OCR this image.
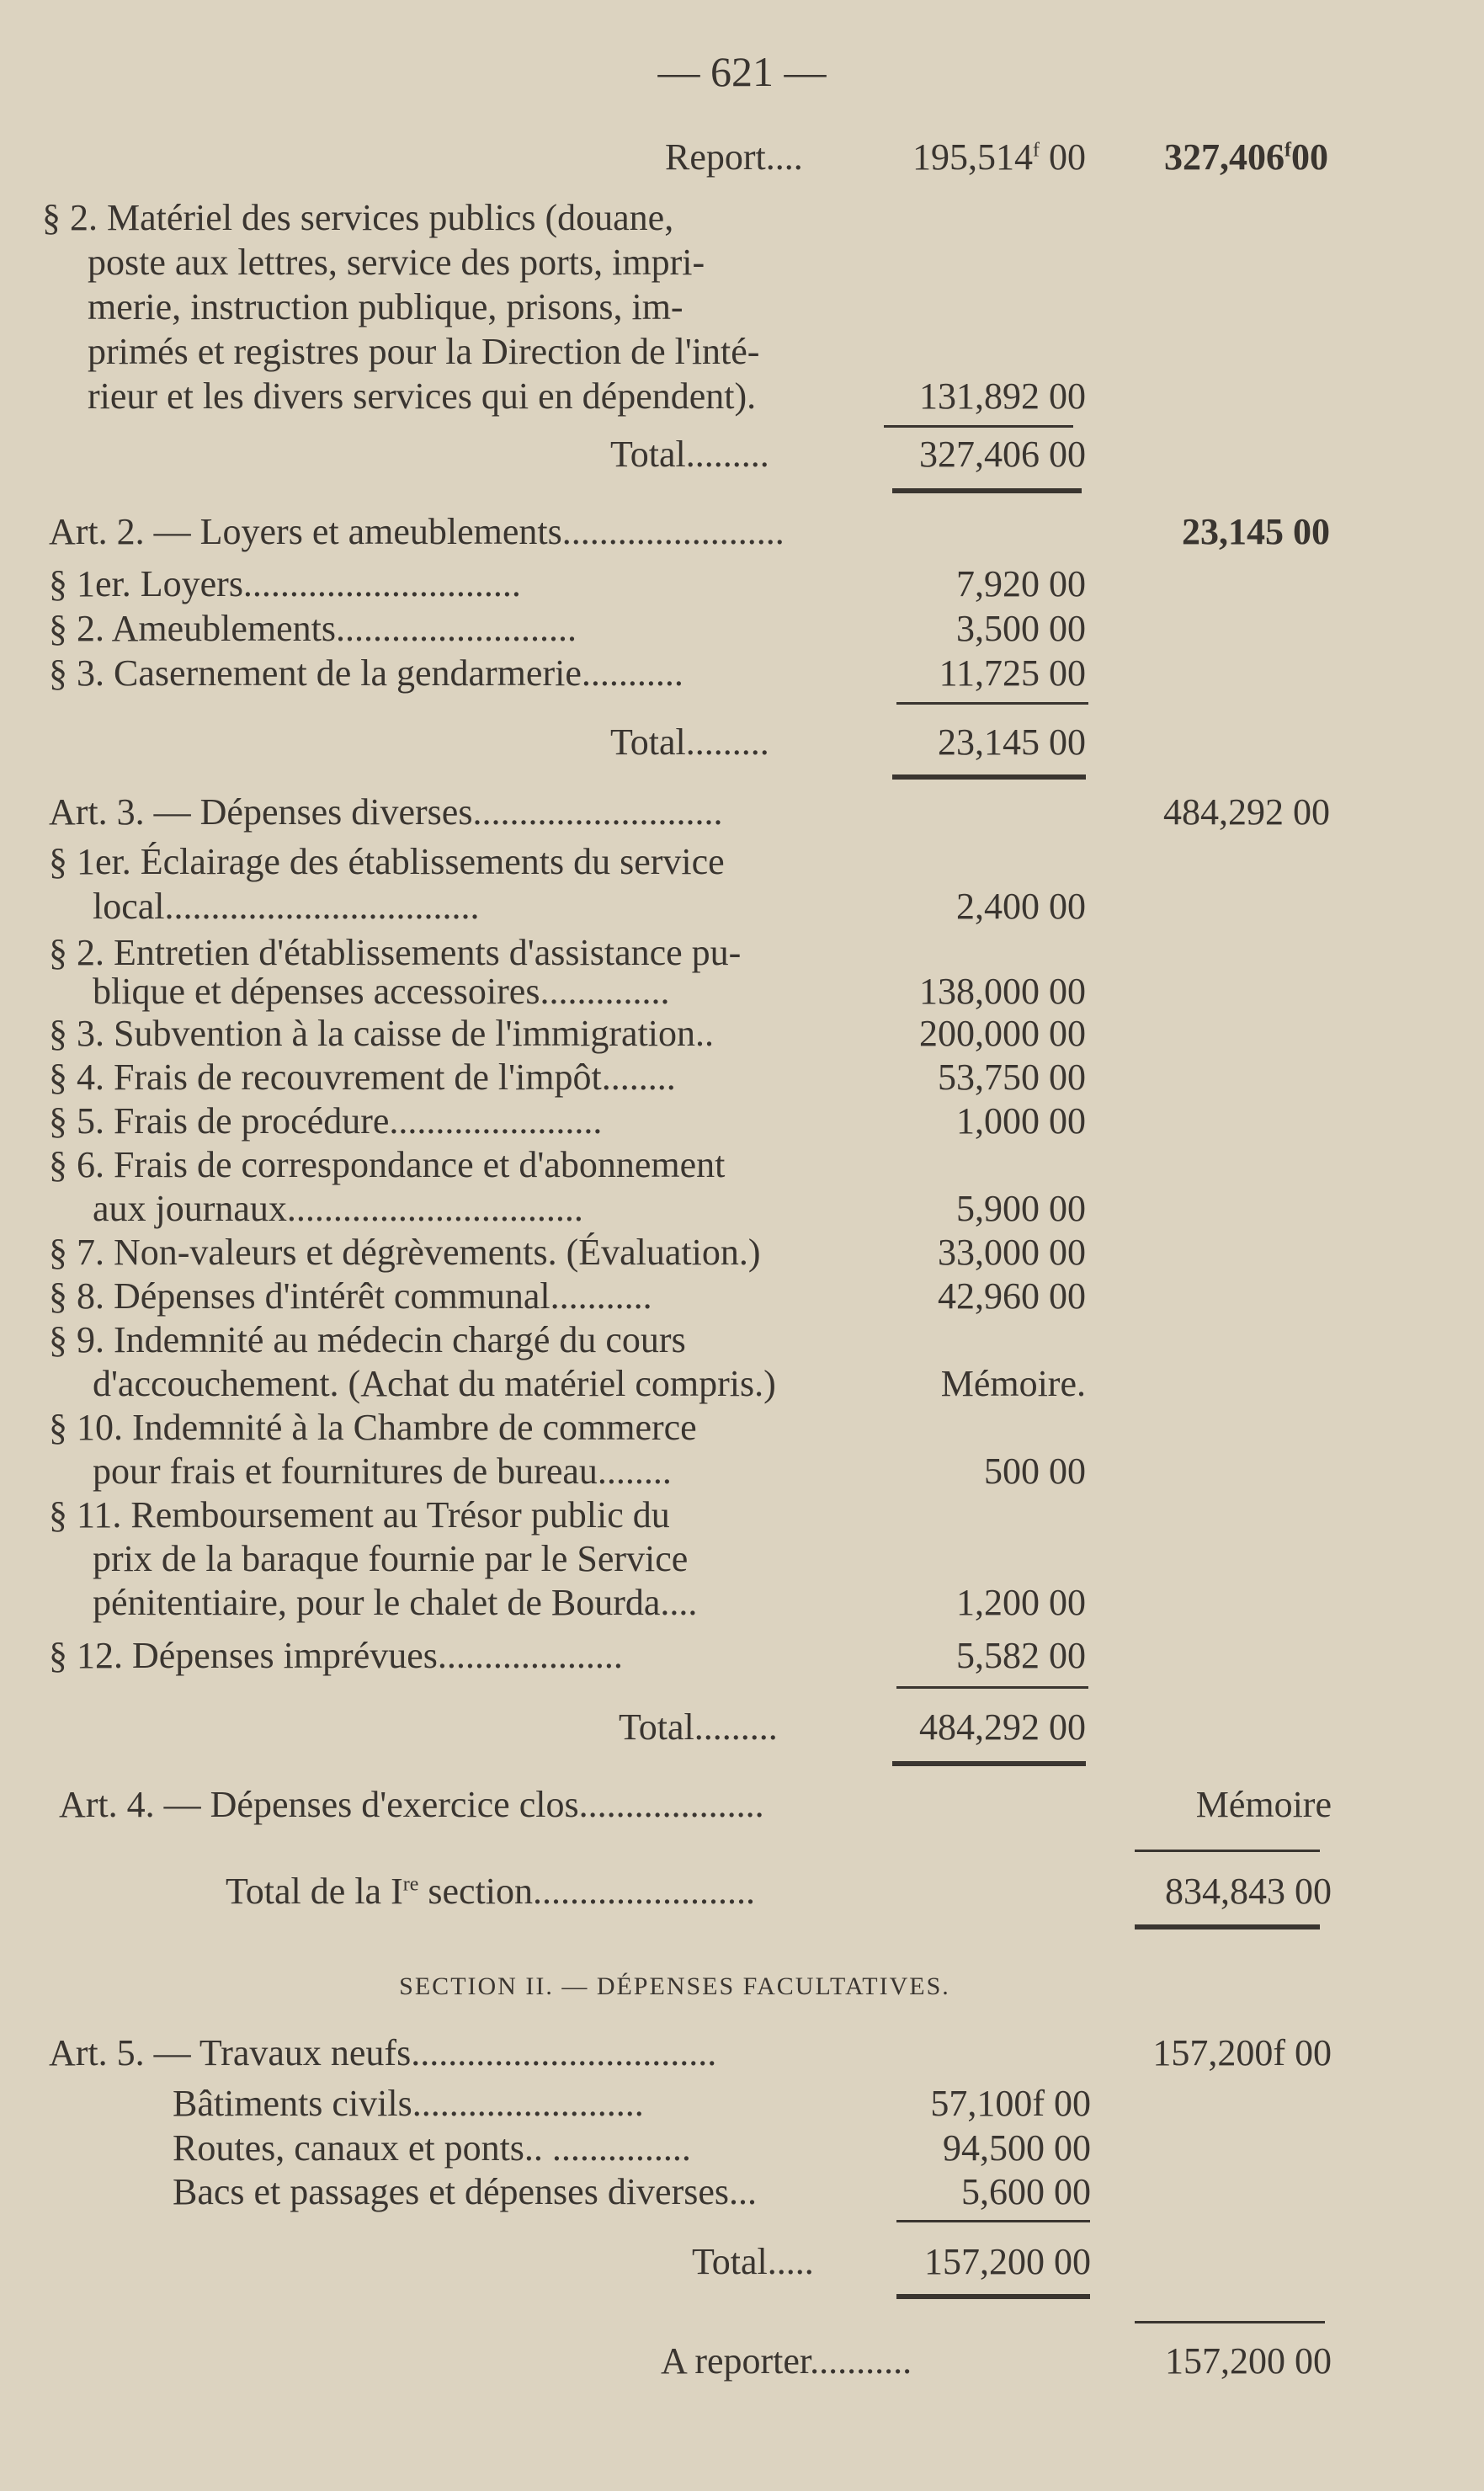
— 621 —
Report....	195,514$^f$ 00	327,406$^f$00
§ 2. Matériel des services publics (douane,
poste aux lettres, service des ports, impri-
merie, instruction publique, prisons, im-
primés et registres pour la Direction de l'inté-
rieur et les divers services qui en dépendent).	131,892 00
Total.........	327,406 00
Art. 2. — Loyers et ameublements........................	23,145 00
§ 1er. Loyers..............................	7,920 00
§ 2. Ameublements..........................	3,500 00
§ 3. Casernement de la gendarmerie...........	11,725 00
Total.........	23,145 00
Art. 3. — Dépenses diverses...........................	484,292 00
§ 1er. Éclairage des établissements du service
local..................................	2,400 00
§ 2. Entretien d'établissements d'assistance pu-
blique et dépenses accessoires..............	138,000 00
§ 3. Subvention à la caisse de l'immigration..	200,000 00
§ 4. Frais de recouvrement de l'impôt........	53,750 00
§ 5. Frais de procédure.......................	1,000 00
§ 6. Frais de correspondance et d'abonnement
aux journaux................................	5,900 00
§ 7. Non-valeurs et dégrèvements. (Évaluation.)	33,000 00
§ 8. Dépenses d'intérêt communal...........	42,960 00
§ 9. Indemnité au médecin chargé du cours
d'accouchement. (Achat du matériel compris.)	Mémoire.
§ 10. Indemnité à la Chambre de commerce
pour frais et fournitures de bureau........	500 00
§ 11. Remboursement au Trésor public du
prix de la baraque fournie par le Service
pénitentiaire, pour le chalet de Bourda....	1,200 00
§ 12. Dépenses imprévues....................	5,582 00
Total.........	484,292 00
Art. 4. — Dépenses d'exercice clos....................	Mémoire
Total de la Ire section........................	834,843 00
SECTION II. — DÉPENSES FACULTATIVES.
Art. 5. — Travaux neufs.................................	157,200f 00
Bâtiments civils.........................	57,100f 00
Routes, canaux et ponts.. ...............	94,500 00
Bacs et passages et dépenses diverses...	5,600 00
Total.....	157,200 00
A reporter...........	157,200 00
